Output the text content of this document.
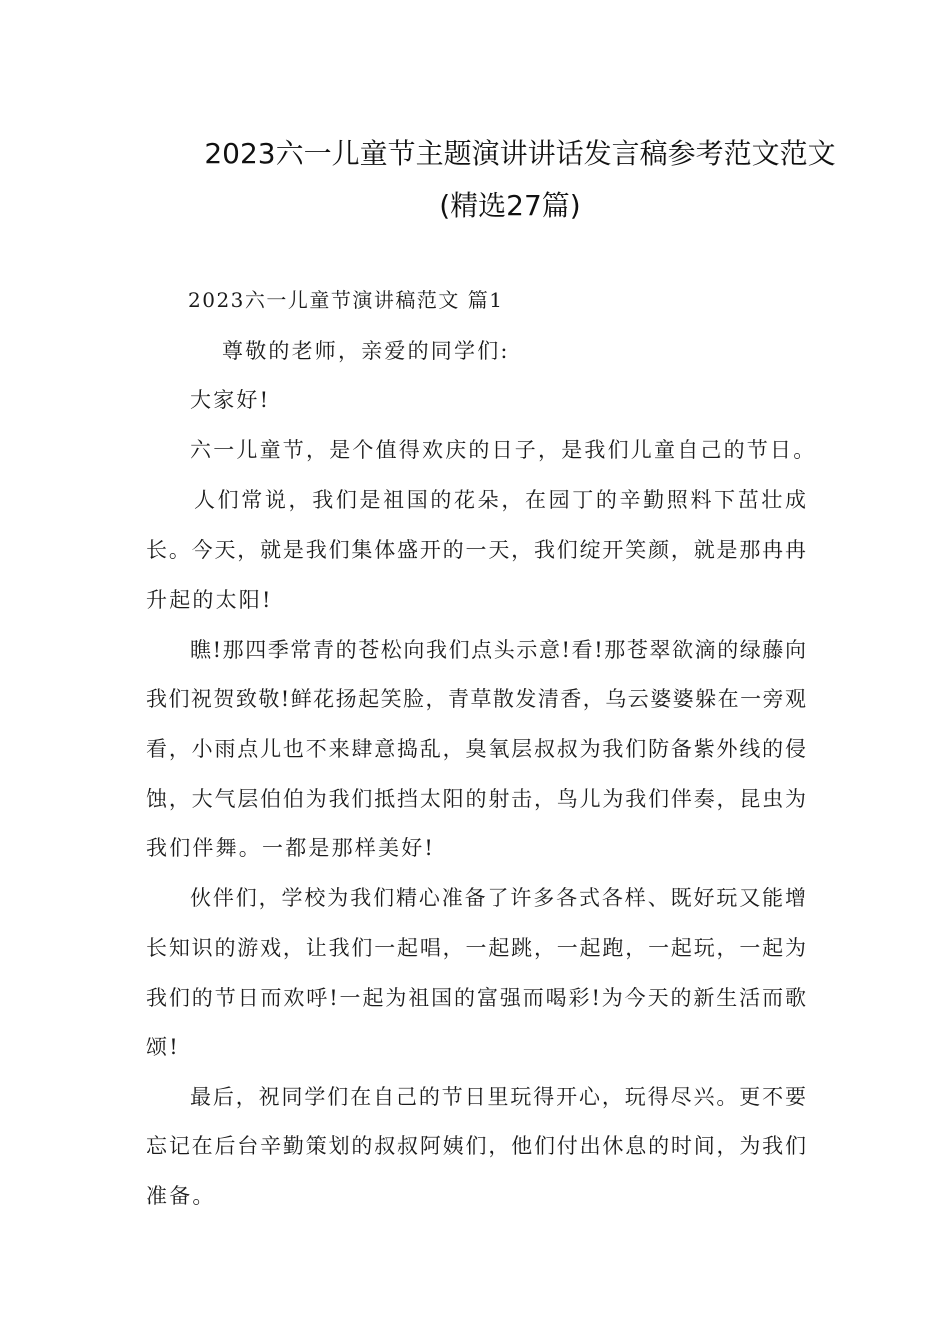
2023六一儿童节主题演讲讲话发言稿参考范文范文
(精选27篇)
2023六一儿童节演讲稿范文 篇1
尊敬的老师，亲爱的同学们:
大家好!
六一儿童节，是个值得欢庆的日子，是我们儿童自己的节日。
人们常说，我们是祖国的花朵，在园丁的辛勤照料下茁壮成
长。今天，就是我们集体盛开的一天，我们绽开笑颜，就是那冉冉
升起的太阳!
瞧!那四季常青的苍松向我们点头示意!看!那苍翠欲滴的绿藤向
我们祝贺致敬!鲜花扬起笑脸，青草散发清香，乌云婆婆躲在一旁观
看，小雨点儿也不来肆意捣乱，臭氧层叔叔为我们防备紫外线的侵
蚀，大气层伯伯为我们抵挡太阳的射击，鸟儿为我们伴奏，昆虫为
我们伴舞。一都是那样美好!
伙伴们，学校为我们精心准备了许多各式各样、既好玩又能增
长知识的游戏，让我们一起唱，一起跳，一起跑，一起玩，一起为
我们的节日而欢呼!一起为祖国的富强而喝彩!为今天的新生活而歌
颂!
最后，祝同学们在自己的节日里玩得开心，玩得尽兴。更不要
忘记在后台辛勤策划的叔叔阿姨们，他们付出休息的时间，为我们
准备。
